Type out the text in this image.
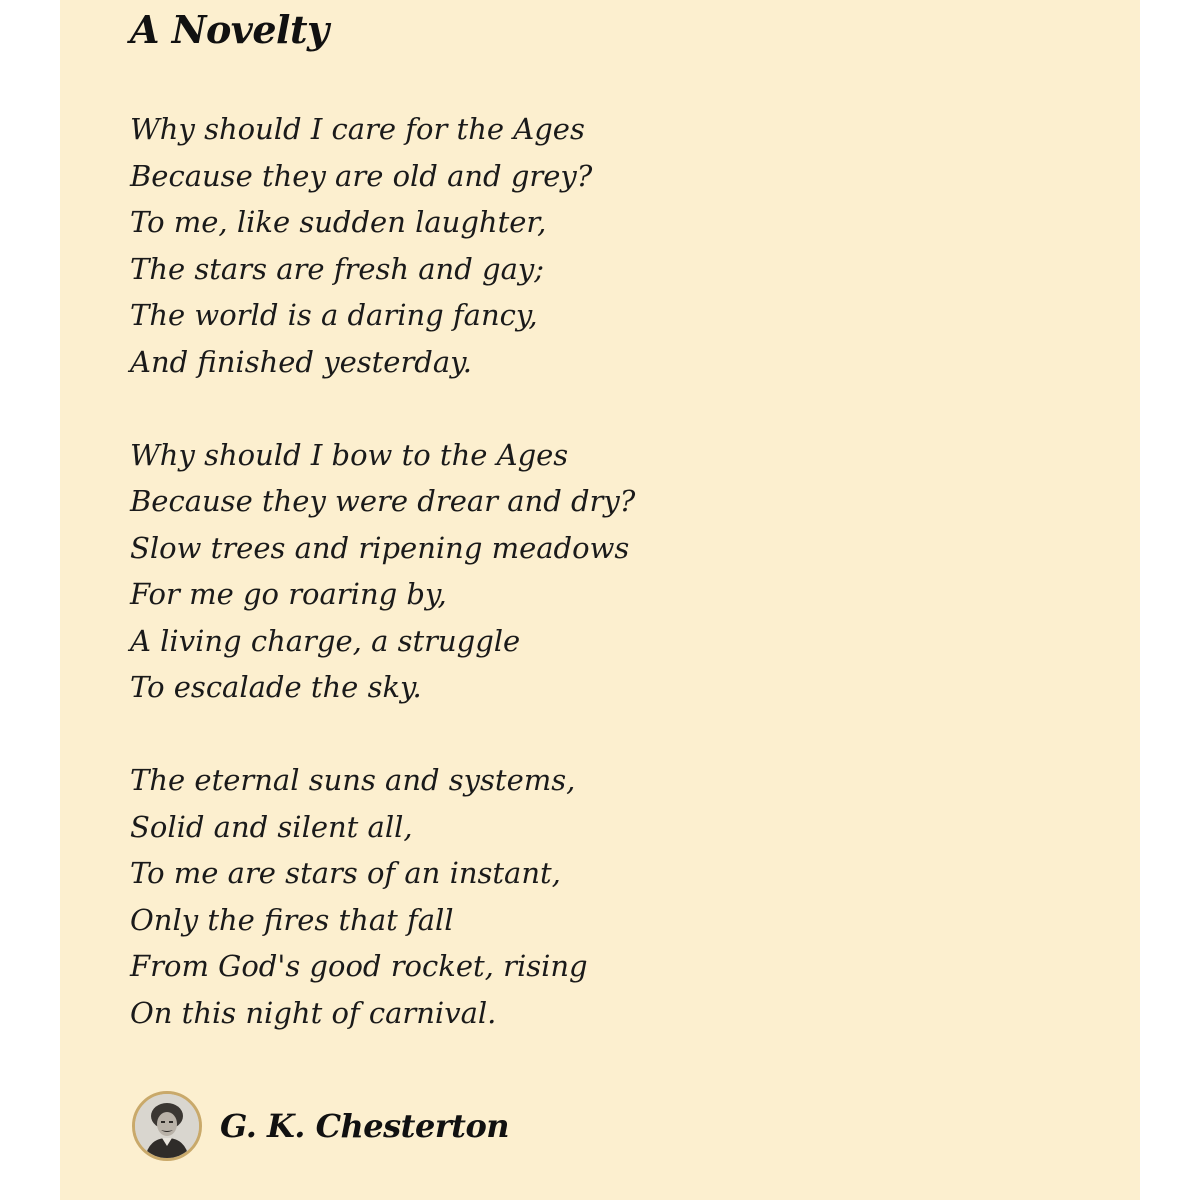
A Novelty
Why should I care for the Ages
Because they are old and grey?
To me, like sudden laughter,
The stars are fresh and gay;
The world is a daring fancy,
And finished yesterday.
Why should I bow to the Ages
Because they were drear and dry?
Slow trees and ripening meadows
For me go roaring by,
A living charge, a struggle
To escalade the sky.
The eternal suns and systems,
Solid and silent all,
To me are stars of an instant,
Only the fires that fall
From God's good rocket, rising
On this night of carnival.
G. K. Chesterton
